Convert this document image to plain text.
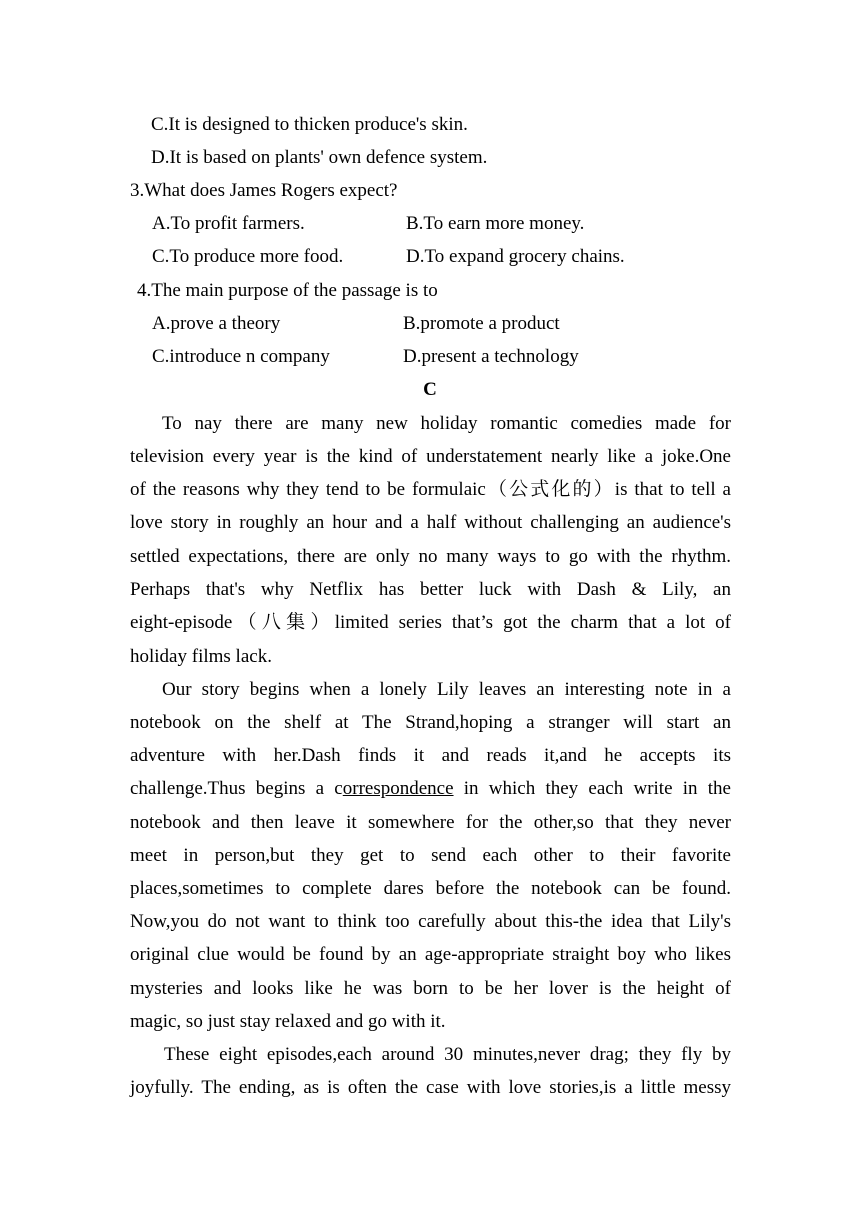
C.It is designed to thicken produce's skin.
D.It is based on plants' own defence system.
3.What does James Rogers expect?
A.To profit farmers.	B.To earn more money.
C.To produce more food.	D.To expand grocery chains.
4.The main purpose of the passage is to
A.prove a theory	B.promote a product
C.introduce n company	D.present a technology
C
To nay there are many new holiday romantic comedies made for
television every year is the kind of understatement nearly like a joke.One
of the reasons why they tend to be formulaic（公式化的）is that to tell a
love story in roughly an hour and a half without challenging an audience's
settled expectations, there are only no many ways to go with the rhythm.
Perhaps that's why Netflix has better luck with Dash & Lily, an
eight-episode（八集）limited series that’s got the charm that a lot of
holiday films lack.
Our story begins when a lonely Lily leaves an interesting note in a
notebook on the shelf at The Strand,hoping a stranger will start an
adventure with her.Dash finds it and reads it,and he accepts its
challenge.Thus begins a correspondence in which they each write in the
notebook and then leave it somewhere for the other,so that they never
meet in person,but they get to send each other to their favorite
places,sometimes to complete dares before the notebook can be found.
Now,you do not want to think too carefully about this-the idea that Lily's
original clue would be found by an age-appropriate straight boy who likes
mysteries and looks like he was born to be her lover is the height of
magic, so just stay relaxed and go with it.
These eight episodes,each around 30 minutes,never drag; they fly by
joyfully. The ending, as is often the case with love stories,is a little messy
